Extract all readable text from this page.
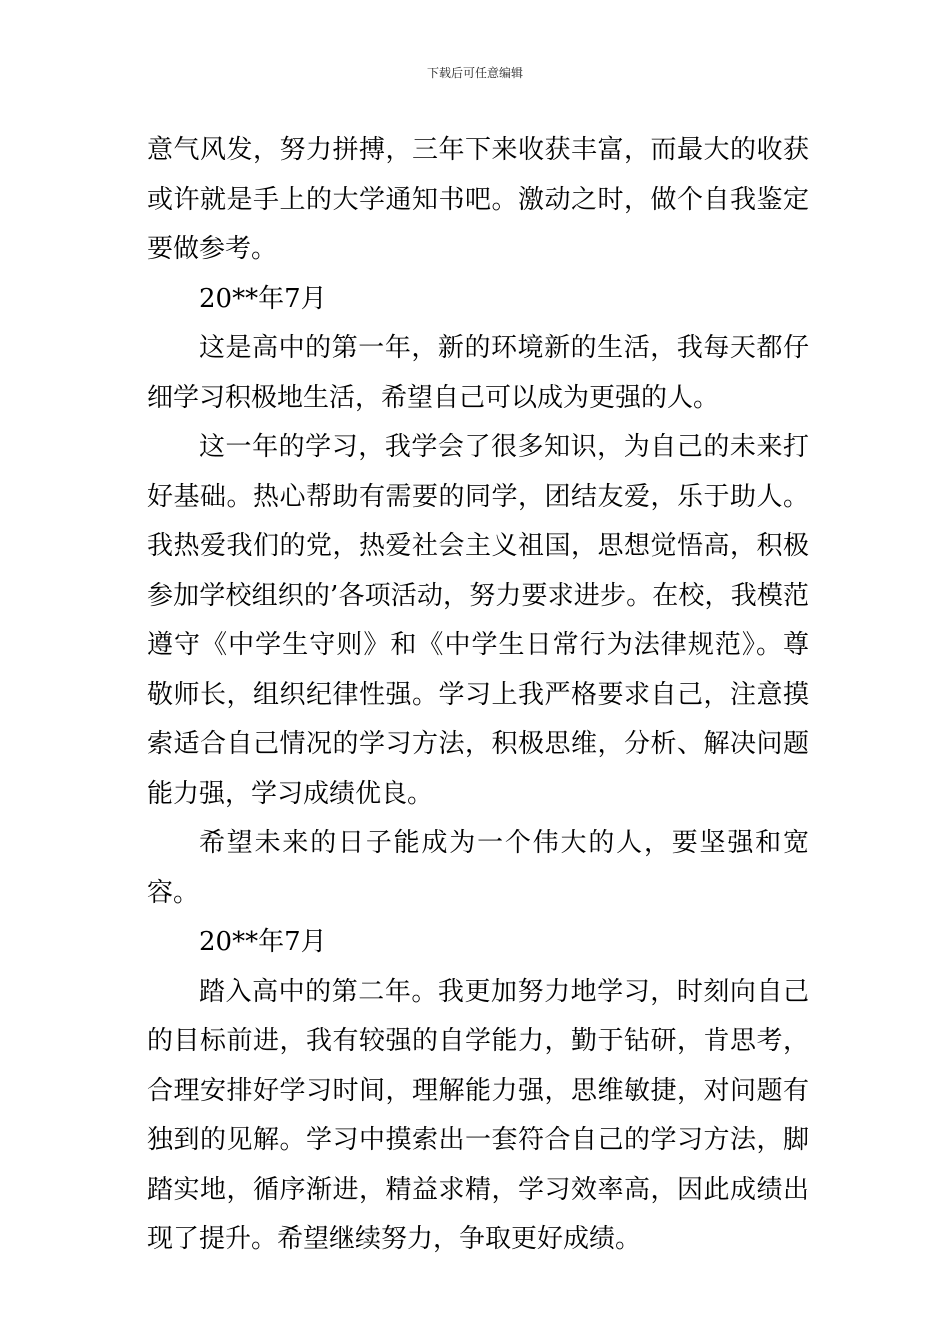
下载后可任意编辑

意气风发，努力拼搏，三年下来收获丰富，而最大的收获或许就是手上的大学通知书吧。激动之时，做个自我鉴定要做参考。

20**年7月

这是高中的第一年，新的环境新的生活，我每天都仔细学习积极地生活，希望自己可以成为更强的人。

这一年的学习，我学会了很多知识，为自己的未来打好基础。热心帮助有需要的同学，团结友爱，乐于助人。我热爱我们的党，热爱社会主义祖国，思想觉悟高，积极参加学校组织的’各项活动，努力要求进步。在校，我模范遵守《中学生守则》和《中学生日常行为法律规范》。尊敬师长，组织纪律性强。学习上我严格要求自己，注意摸索适合自己情况的学习方法，积极思维，分析、解决问题能力强，学习成绩优良。

希望未来的日子能成为一个伟大的人，要坚强和宽容。

20**年7月

踏入高中的第二年。我更加努力地学习，时刻向自己的目标前进，我有较强的自学能力，勤于钻研，肯思考，合理安排好学习时间，理解能力强，思维敏捷，对问题有独到的见解。学习中摸索出一套符合自己的学习方法，脚踏实地，循序渐进，精益求精，学习效率高，因此成绩出现了提升。希望继续努力，争取更好成绩。
